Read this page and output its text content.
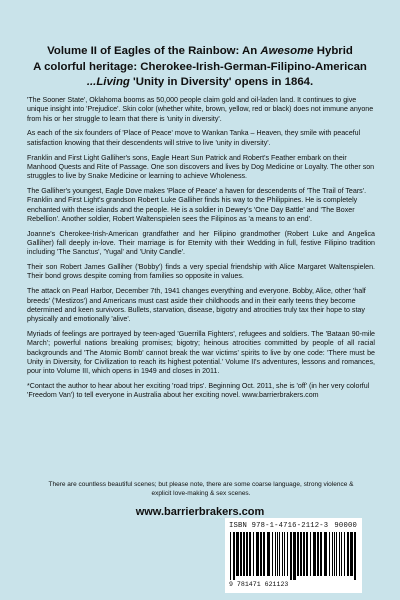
Volume II of Eagles of the Rainbow: An Awesome Hybrid
A colorful heritage: Cherokee-Irish-German-Filipino-American
...Living 'Unity in Diversity' opens in 1864.

'The Sooner State', Oklahoma booms as 50,000 people claim gold and oil-laden land. It continues to give unique insight into 'Prejudice'. Skin color (whether white, brown, yellow, red or black) does not immune anyone from his or her struggle to learn that there is 'unity in diversity'.

As each of the six founders of 'Place of Peace' move to Wankan Tanka – Heaven, they smile with peaceful satisfaction knowing that their descendents will strive to live 'unity in diversity'.

Franklin and First Light Galliher's sons, Eagle Heart Sun Patrick and Robert's Feather embark on their Manhood Quests and Rite of Passage. One son discovers and lives by Dog Medicine or Loyalty. The other son struggles to live by Snake Medicine or learning to achieve Wholeness.

The Galliher's youngest, Eagle Dove makes 'Place of Peace' a haven for descendents of 'The Trail of Tears'. Franklin and First Light's grandson Robert Luke Galliher finds his way to the Philippines. He is completely enchanted with these islands and the people. He is a soldier in Dewey's 'One Day Battle' and 'The Boxer Rebellion'. Another soldier, Robert Waltenspielen sees the Filipinos as 'a means to an end'.

Joanne's Cherokee-Irish-American grandfather and her Filipino grandmother (Robert Luke and Angelica Galliher) fall deeply in-love. Their marriage is for Eternity with their Wedding in full, festive Filipino tradition including 'The Sanctus', 'Yugal' and 'Unity Candle'.

Their son Robert James Galliher ('Bobby') finds a very special friendship with Alice Margaret Waltenspielen. Their bond grows despite coming from families so opposite in values.

The attack on Pearl Harbor, December 7th, 1941 changes everything and everyone. Bobby, Alice, other 'half breeds' ('Mestizos') and Americans must cast aside their childhoods and in their early teens they become determined and keen survivors. Bullets, starvation, disease, bigotry and atrocities truly tax their hope to stay physically and emotionally 'alive'.

Myriads of feelings are portrayed by teen-aged 'Guerrilla Fighters', refugees and soldiers. The 'Bataan 90-mile March'; powerful nations breaking promises; bigotry; heinous atrocities committed by people of all racial backgrounds and 'The Atomic Bomb' cannot break the war victims' spirits to live by one code: 'There must be Unity in Diversity, for Civilization to reach its highest potential.' Volume II's adventures, lessons and romances, pour into Volume III, which opens in 1949 and closes in 2011.

*Contact the author to hear about her exciting 'road trips'. Beginning Oct. 2011, she is 'off' (in her very colorful 'Freedom Van') to tell everyone in Australia about her exciting novel. www.barrierbrakers.com

There are countless beautiful scenes; but please note, there are some coarse language, strong violence &

explicit love-making & sex scenes.

www.barrierbrakers.com
ISBN 978-1-4716-2112-3 90000
9 781471 621123
